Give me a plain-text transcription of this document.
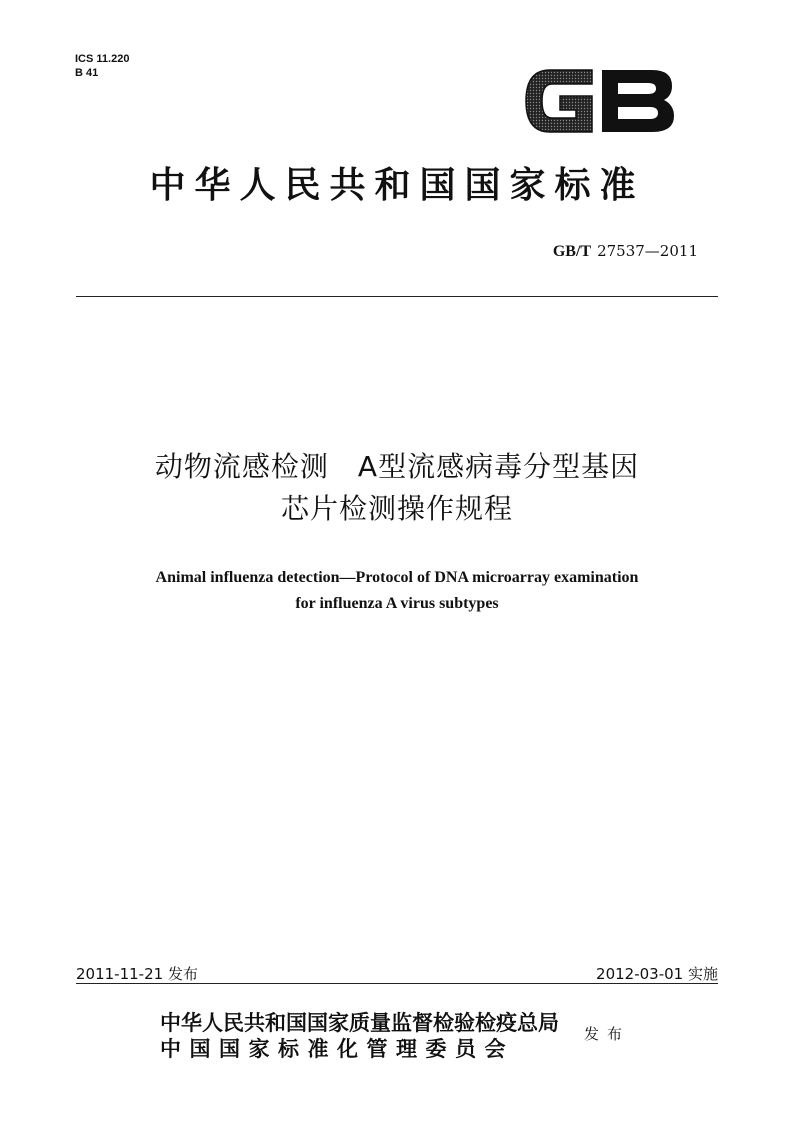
ICS 11.220
B 41
中华人民共和国国家标准
GB/T 27537—2011
动物流感检测　A型流感病毒分型基因
芯片检测操作规程
Animal influenza detection—Protocol of DNA microarray examination
for influenza A virus subtypes
2011-11-21 发布	2012-03-01 实施
中华人民共和国国家质量监督检验检疫总局
中国国家标准化管理委员会
发布
